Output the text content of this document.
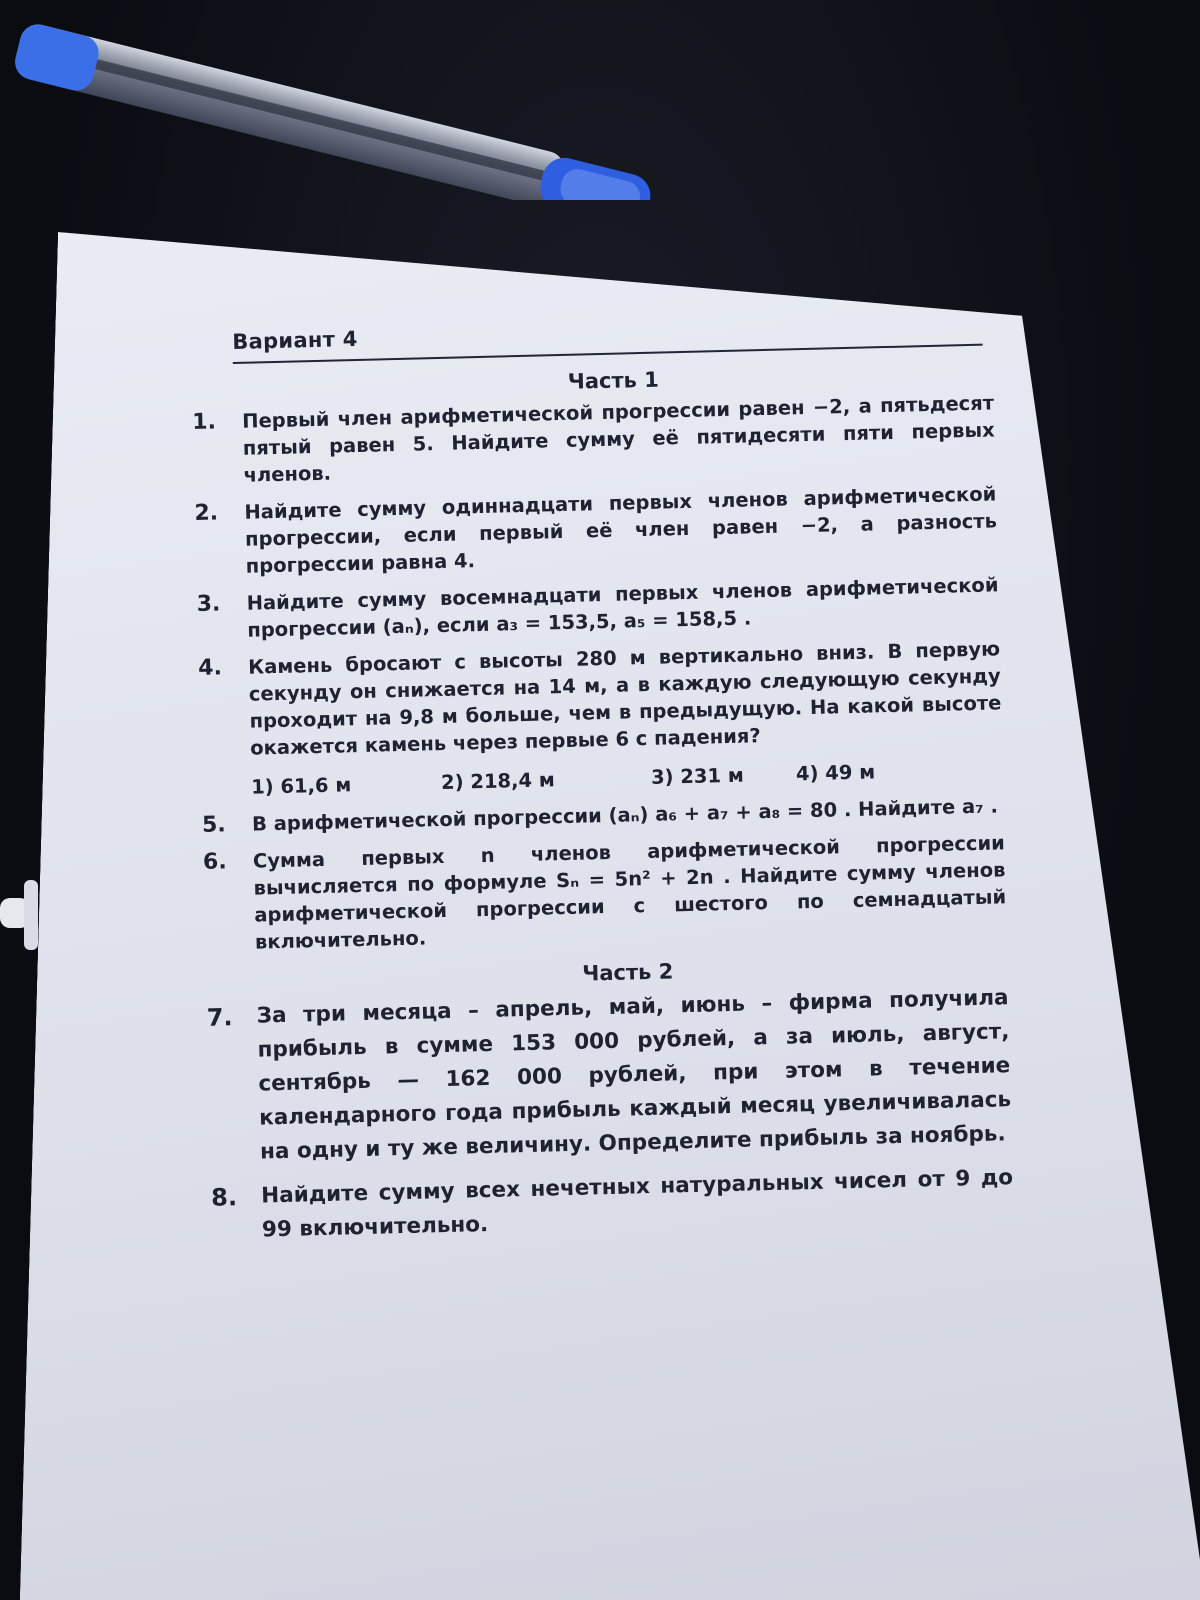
Вариант 4
Часть 1
1. Первый член арифметической прогрессии равен −2, а пятьдесят пятый равен 5. Найдите сумму её пятидесяти пяти первых членов.
2. Найдите сумму одиннадцати первых членов арифметической прогрессии, если первый её член равен −2, а разность прогрессии равна 4.
3. Найдите сумму восемнадцати первых членов арифметической прогрессии (aₙ), если a₃ = 153,5, a₅ = 158,5 .
4. Камень бросают с высоты 280 м вертикально вниз. В первую секунду он снижается на 14 м, а в каждую следующую секунду проходит на 9,8 м больше, чем в предыдущую. На какой высоте окажется камень через первые 6 с падения?
1) 61,6 м	2) 218,4 м	3) 231 м	4) 49 м
5. В арифметической прогрессии (aₙ) a₆ + a₇ + a₈ = 80 . Найдите a₇ .
6. Сумма первых n членов арифметической прогрессии вычисляется по формуле Sₙ = 5n² + 2n . Найдите сумму членов арифметической прогрессии с шестого по семнадцатый включительно.
Часть 2
7. За три месяца – апрель, май, июнь – фирма получила прибыль в сумме 153 000 рублей, а за июль, август, сентябрь — 162 000 рублей, при этом в течение календарного года прибыль каждый месяц увеличивалась на одну и ту же величину. Определите прибыль за ноябрь.
8. Найдите сумму всех нечетных натуральных чисел от 9 до 99 включительно.
